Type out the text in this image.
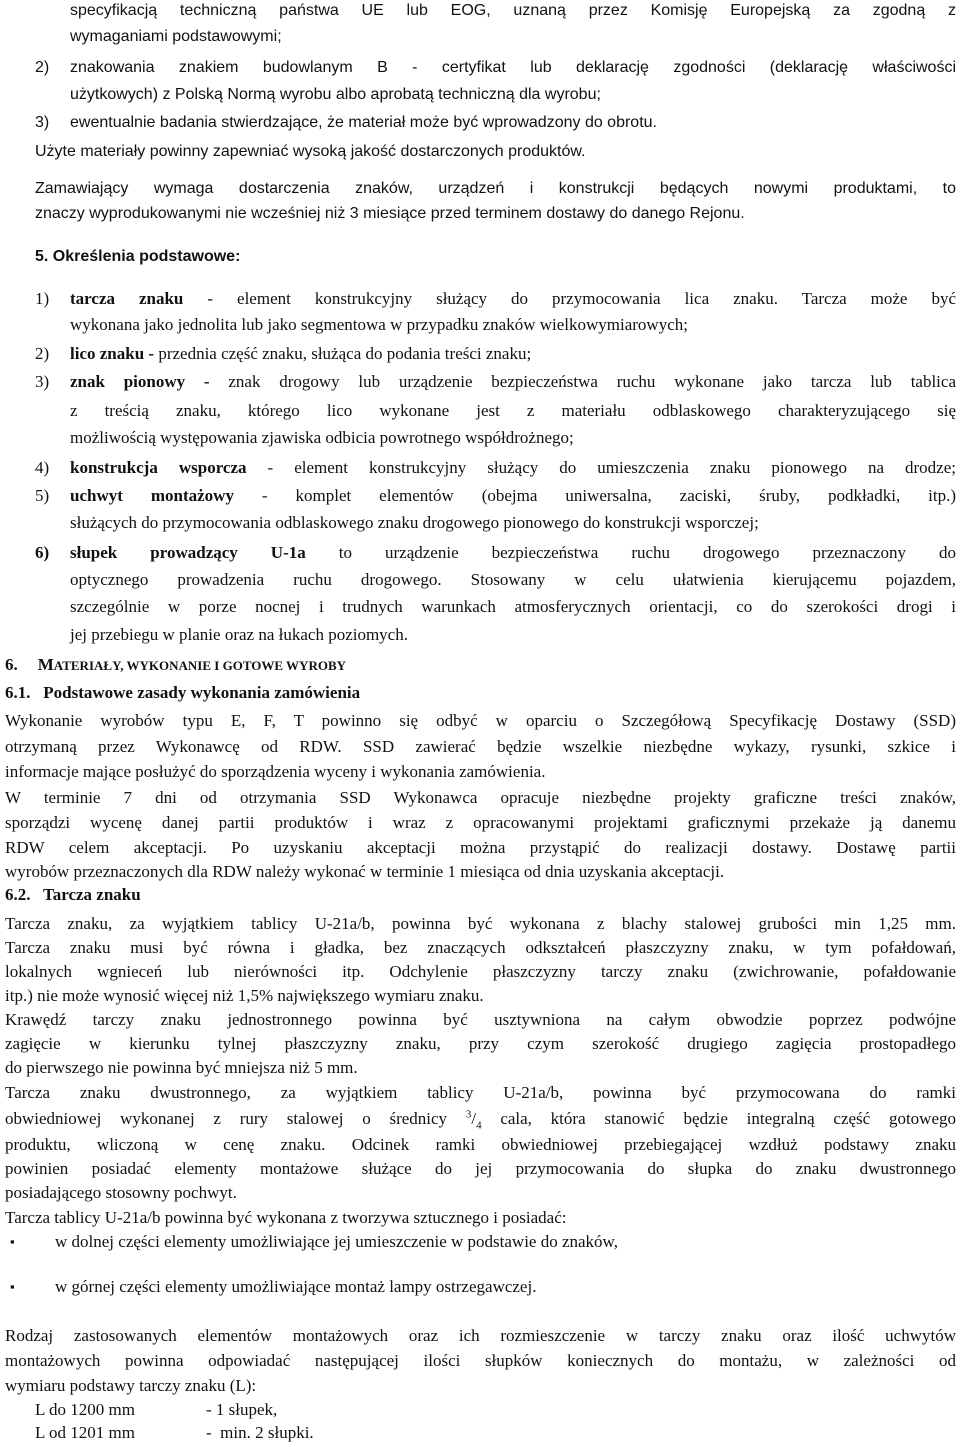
specyfikacją techniczną państwa UE lub EOG, uznaną przez Komisję Europejską za zgodną z
wymaganiami podstawowymi;
2) znakowania znakiem budowlanym B - certyfikat lub deklarację zgodności (deklarację właściwości
użytkowych) z Polską Normą wyrobu albo aprobatą techniczną dla wyrobu;
3) ewentualnie badania stwierdzające, że materiał może być wprowadzony do obrotu.
Użyte materiały powinny zapewniać wysoką jakość dostarczonych produktów.
Zamawiający wymaga dostarczenia znaków, urządzeń i konstrukcji będących nowymi produktami, to
znaczy wyprodukowanymi nie wcześniej niż 3 miesiące przed terminem dostawy do danego Rejonu.
5. Określenia podstawowe:
1) tarcza znaku - element konstrukcyjny służący do przymocowania lica znaku. Tarcza może być
wykonana jako jednolita lub jako segmentowa w przypadku znaków wielkowymiarowych;
2) lico znaku - przednia część znaku, służąca do podania treści znaku;
3) znak pionowy - znak drogowy lub urządzenie bezpieczeństwa ruchu wykonane jako tarcza lub tablica
z treścią znaku, którego lico wykonane jest z materiału odblaskowego charakteryzującego się
możliwością występowania zjawiska odbicia powrotnego współdrożnego;
4) konstrukcja wsporcza - element konstrukcyjny służący do umieszczenia znaku pionowego na drodze;
5) uchwyt montażowy - komplet elementów (obejma uniwersalna, zaciski, śruby, podkładki, itp.)
służących do przymocowania odblaskowego znaku drogowego pionowego do konstrukcji wsporczej;
6) słupek prowadzący U-1a to urządzenie bezpieczeństwa ruchu drogowego przeznaczony do
optycznego prowadzenia ruchu drogowego. Stosowany w celu ułatwienia kierującemu pojazdem,
szczególnie w porze nocnej i trudnych warunkach atmosferycznych orientacji, co do szerokości drogi i
jej przebiegu w planie oraz na łukach poziomych.
6. MATERIAŁY, WYKONANIE I GOTOWE WYROBY
6.1.   Podstawowe zasady wykonania zamówienia
Wykonanie wyrobów typu E, F, T powinno się odbyć w oparciu o Szczegółową Specyfikację Dostawy (SSD)
otrzymaną przez Wykonawcę od RDW. SSD zawierać będzie wszelkie niezbędne wykazy, rysunki, szkice i
informacje mające posłużyć do sporządzenia wyceny i wykonania zamówienia.
W terminie 7 dni od otrzymania SSD Wykonawca opracuje niezbędne projekty graficzne treści znaków,
sporządzi wycenę danej partii produktów i wraz z opracowanymi projektami graficznymi przekaże ją danemu
RDW celem akceptacji. Po uzyskaniu akceptacji można przystąpić do realizacji dostawy. Dostawę partii
wyrobów przeznaczonych dla RDW należy wykonać w terminie 1 miesiąca od dnia uzyskania akceptacji.
6.2.   Tarcza znaku
Tarcza znaku, za wyjątkiem tablicy U-21a/b, powinna być wykonana z blachy stalowej grubości min 1,25 mm.
Tarcza znaku musi być równa i gładka, bez znaczących odkształceń płaszczyzny znaku, w tym pofałdowań,
lokalnych wgnieceń lub nierówności itp. Odchylenie płaszczyzny tarczy znaku (zwichrowanie, pofałdowanie
itp.) nie może wynosić więcej niż 1,5% największego wymiaru znaku.
Krawędź tarczy znaku jednostronnego powinna być usztywniona na całym obwodzie poprzez podwójne
zagięcie w kierunku tylnej płaszczyzny znaku, przy czym szerokość drugiego zagięcia prostopadłego
do pierwszego nie powinna być mniejsza niż 5 mm.
Tarcza znaku dwustronnego, za wyjątkiem tablicy U-21a/b, powinna być przymocowana do ramki
obwiedniowej wykonanej z rury stalowej o średnicy $^3/_4$ cala, która stanowić będzie integralną część gotowego
produktu, wliczoną w cenę znaku. Odcinek ramki obwiedniowej przebiegającej wzdłuż podstawy znaku
powinien posiadać elementy montażowe służące do jej przymocowania do słupka do znaku dwustronnego
posiadającego stosowny pochwyt.
Tarcza tablicy U-21a/b powinna być wykonana z tworzywa sztucznego i posiadać:
▪ w dolnej części elementy umożliwiające jej umieszczenie w podstawie do znaków,
▪ w górnej części elementy umożliwiające montaż lampy ostrzegawczej.
Rodzaj zastosowanych elementów montażowych oraz ich rozmieszczenie w tarczy znaku oraz ilość uchwytów
montażowych powinna odpowiadać następującej ilości słupków koniecznych do montażu, w zależności od
wymiaru podstawy tarczy znaku (L):
L do 1200 mm	- 1 słupek,
L od 1201 mm	-  min. 2 słupki.
